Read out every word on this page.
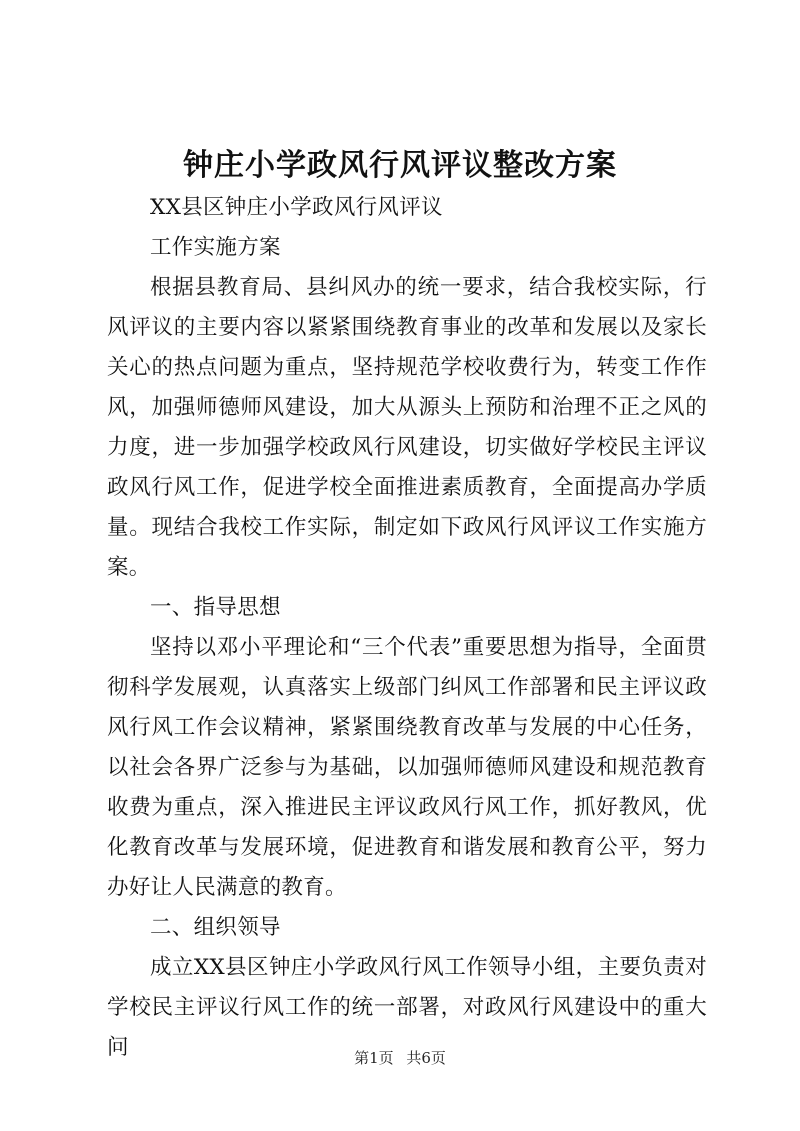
钟庄小学政风行风评议整改方案

XX县区钟庄小学政风行风评议

工作实施方案

根据县教育局、县纠风办的统一要求，结合我校实际，行风评议的主要内容以紧紧围绕教育事业的改革和发展以及家长关心的热点问题为重点，坚持规范学校收费行为，转变工作作风，加强师德师风建设，加大从源头上预防和治理不正之风的力度，进一步加强学校政风行风建设，切实做好学校民主评议政风行风工作，促进学校全面推进素质教育，全面提高办学质量。现结合我校工作实际，制定如下政风行风评议工作实施方案。

一、指导思想

坚持以邓小平理论和“三个代表”重要思想为指导，全面贯彻科学发展观，认真落实上级部门纠风工作部署和民主评议政风行风工作会议精神，紧紧围绕教育改革与发展的中心任务，以社会各界广泛参与为基础，以加强师德师风建设和规范教育收费为重点，深入推进民主评议政风行风工作，抓好教风，优化教育改革与发展环境，促进教育和谐发展和教育公平，努力办好让人民满意的教育。

二、组织领导

成立XX县区钟庄小学政风行风工作领导小组，主要负责对学校民主评议行风工作的统一部署，对政风行风建设中的重大问	第1页 共6页
